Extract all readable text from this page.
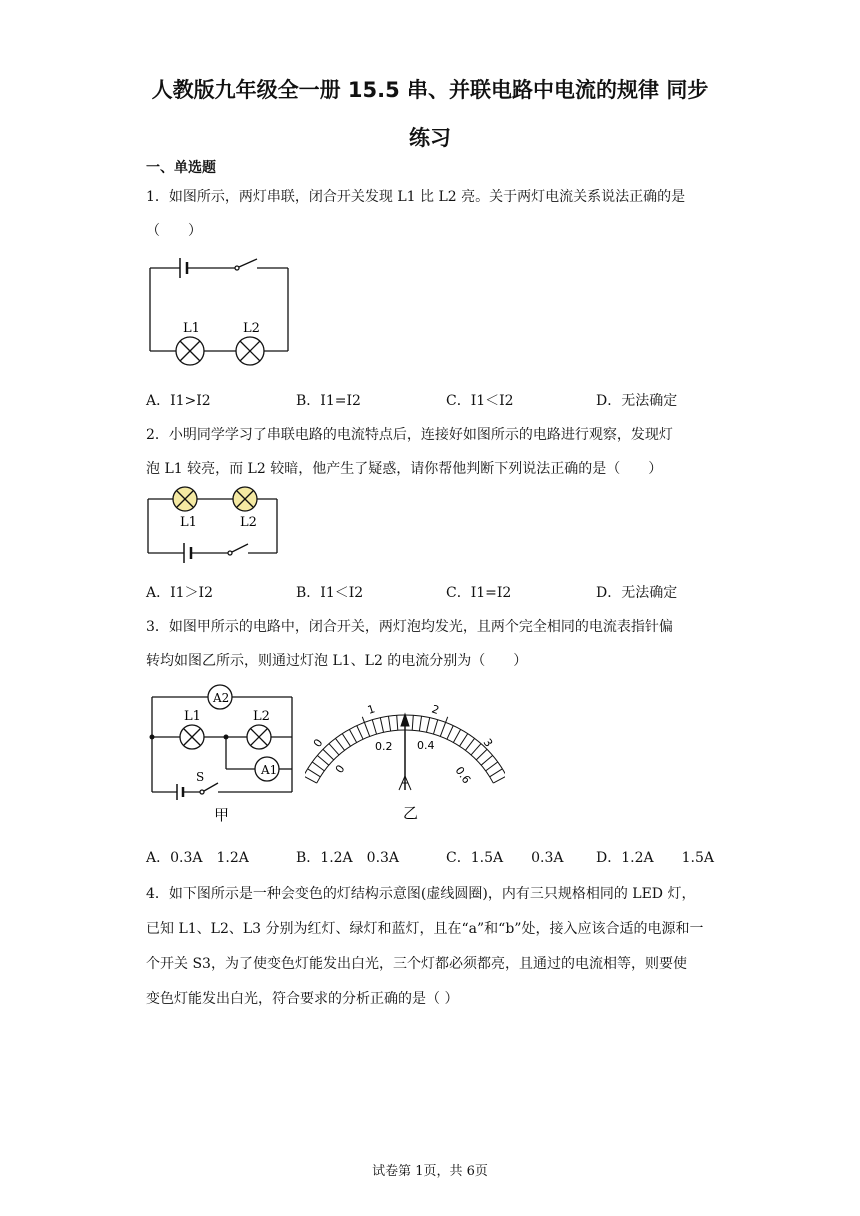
人教版九年级全一册 15.5 串、并联电路中电流的规律 同步
练习
一、单选题
1．如图所示，两灯串联，闭合开关发现 L1 比 L2 亮。关于两灯电流关系说法正确的是
（　　）
L1	L2
A．I1>I2	B．I1=I2	C．I1＜I2	D．无法确定
2．小明同学学习了串联电路的电流特点后，连接好如图所示的电路进行观察，发现灯
泡 L1 较亮，而 L2 较暗，他产生了疑惑，请你帮他判断下列说法正确的是（　　）
L1	L2
A．I1＞I2	B．I1＜I2	C．I1=I2	D．无法确定
3．如图甲所示的电路中，闭合开关，两灯泡均发光，且两个完全相同的电流表指针偏
转均如图乙所示，则通过灯泡 L1、L2 的电流分别为（　　）
A2
L1	L2
A1
S
甲
0
1	2
3
0
0.2 0.4
0.6
乙
A．0.3A　1.2A	B．1.2A　0.3A	C．1.5A　　0.3A D．1.2A　　1.5A
4．如下图所示是一种会变色的灯结构示意图(虚线圆圈)，内有三只规格相同的 LED 灯，
已知 L1、L2、L3 分别为红灯、绿灯和蓝灯，且在“a”和“b”处，接入应该合适的电源和一
个开关 S3，为了使变色灯能发出白光，三个灯都必须都亮，且通过的电流相等，则要使
变色灯能发出白光，符合要求的分析正确的是（ ）
试卷第 1页，共 6页
